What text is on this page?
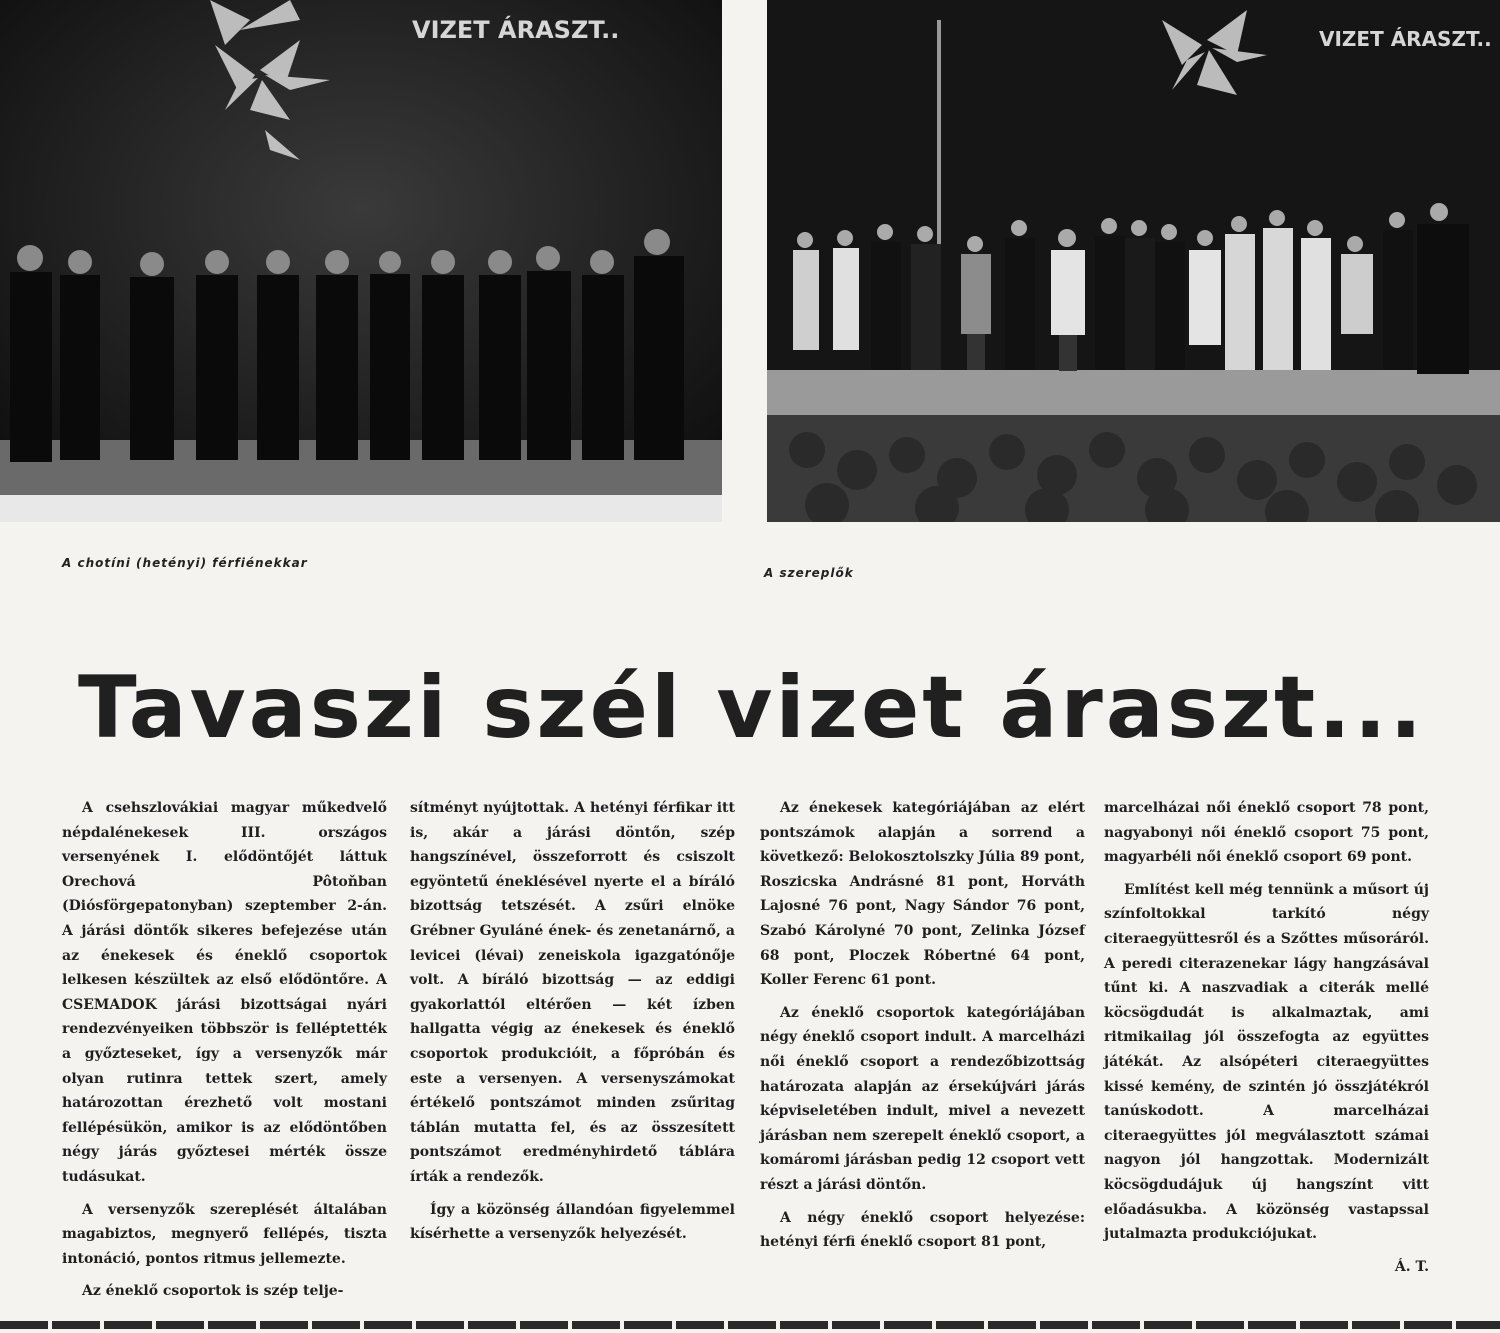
VIZET ÁRASZT..	VIZET ÁRASZT..
A chotíni (hetényi) férfiénekkar
A szereplők
Tavaszi szél vizet áraszt...

A csehszlovákiai magyar műkedvelő népdalénekesek III. országos versenyének I. elődöntőjét láttuk Orechová Pôtoňban (Diósförgepatonyban) szeptember 2-án. A járási döntők sikeres befejezése után az énekesek és éneklő csoportok lelkesen készültek az első elődöntőre. A CSEMADOK járási bizottságai nyári rendezvényeiken többször is felléptették a győzteseket, így a versenyzők már olyan rutinra tettek szert, amely határozottan érezhető volt mostani fellépésükön, amikor is az elődöntőben négy járás győztesei mérték össze tudásukat.

A versenyzők szereplését általában magabiztos, megnyerő fellépés, tiszta intonáció, pontos ritmus jellemezte.

Az éneklő csoportok is szép telje-

sítményt nyújtottak. A hetényi férfikar itt is, akár a járási döntőn, szép hangszínével, összeforrott és csiszolt egyöntetű éneklésével nyerte el a bíráló bizottság tetszését. A zsűri elnöke Grébner Gyuláné ének- és zenetanárnő, a levicei (lévai) zeneiskola igazgatónője volt. A bíráló bizottság — az eddigi gyakorlattól eltérően — két ízben hallgatta végig az énekesek és éneklő csoportok produkcióit, a főpróbán és este a versenyen. A versenyszámokat értékelő pontszámot minden zsűritag táblán mutatta fel, és az összesített pontszámot eredményhirdető táblára írták a rendezők.

Így a közönség állandóan figyelemmel kísérhette a versenyzők helyezését.

Az énekesek kategóriájában az elért pontszámok alapján a sorrend a következő: Belokosztolszky Júlia 89 pont, Roszicska Andrásné 81 pont, Horváth Lajosné 76 pont, Nagy Sándor 76 pont, Szabó Károlyné 70 pont, Zelinka József 68 pont, Ploczek Róbertné 64 pont, Koller Ferenc 61 pont.

Az éneklő csoportok kategóriájában négy éneklő csoport indult. A marcelházi női éneklő csoport a rendezőbizottság határozata alapján az érsekújvári járás képviseletében indult, mivel a nevezett járásban nem szerepelt éneklő csoport, a komáromi járásban pedig 12 csoport vett részt a járási döntőn.

A négy éneklő csoport helyezése: hetényi férfi éneklő csoport 81 pont,

marcelházai női éneklő csoport 78 pont, nagyabonyi női éneklő csoport 75 pont, magyarbéli női éneklő csoport 69 pont.

Említést kell még tennünk a műsort új színfoltokkal tarkító négy citeraegyüttesről és a Szőttes műsoráról. A peredi citerazenekar lágy hangzásával tűnt ki. A naszvadiak a citerák mellé köcsögdudát is alkalmaztak, ami ritmikailag jól összefogta az együttes játékát. Az alsópéteri citeraegyüttes kissé kemény, de szintén jó összjátékról tanúskodott. A marcelházai citeraegyüttes jól megválasztott számai nagyon jól hangzottak. Modernizált köcsögdudájuk új hangszínt vitt előadásukba. A közönség vastapssal jutalmazta produkciójukat.

Á. T.
